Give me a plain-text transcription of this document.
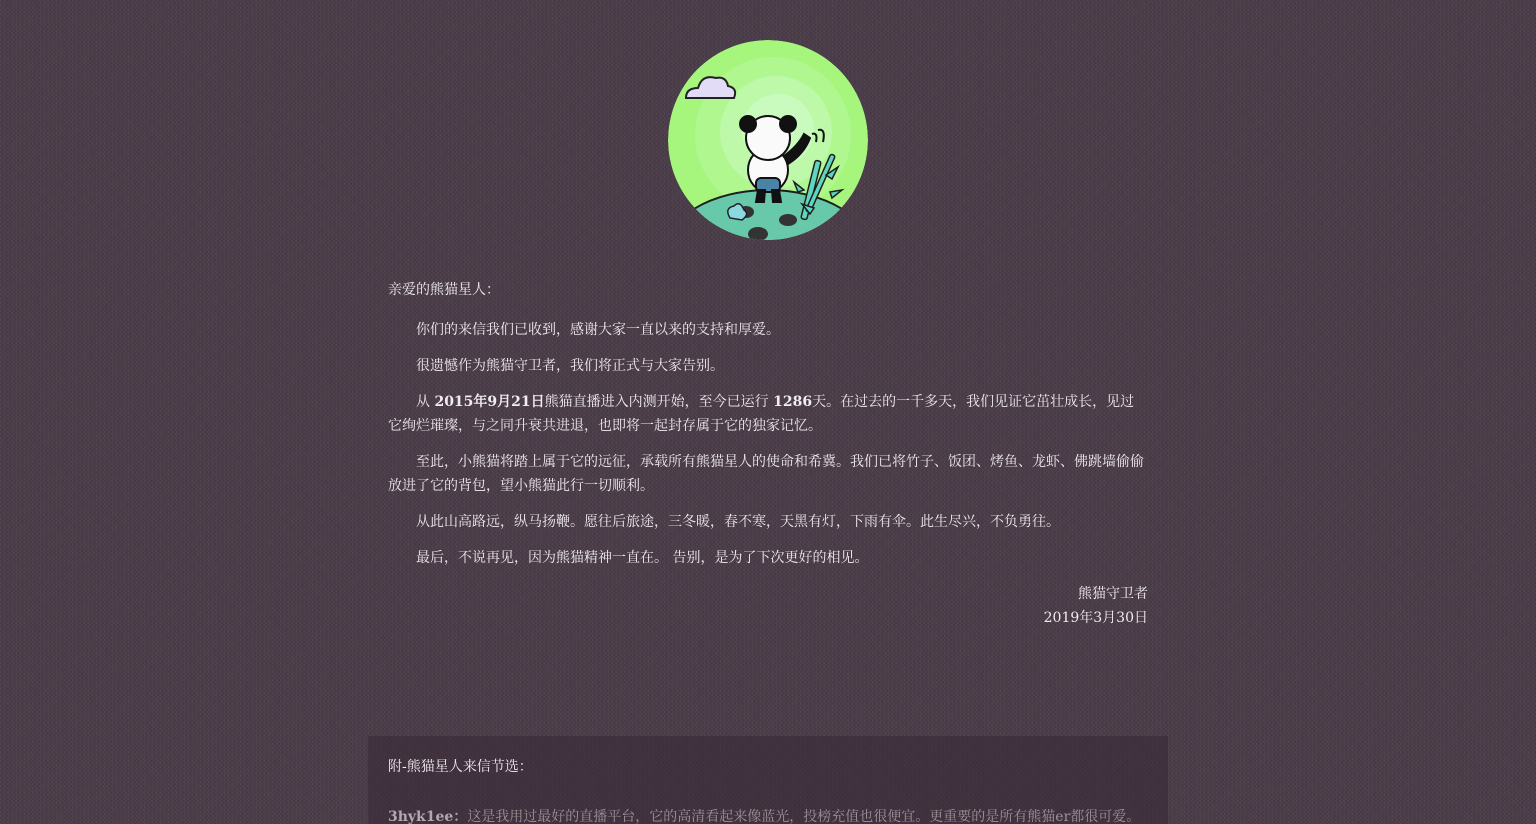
亲爱的熊猫星人：

你们的来信我们已收到，感谢大家一直以来的支持和厚爱。

很遗憾作为熊猫守卫者，我们将正式与大家告别。

从 2015年9月21日熊猫直播进入内测开始，至今已运行 1286天。在过去的一千多天，我们见证它茁壮成长，见过它绚烂璀璨，与之同升衰共进退，也即将一起封存属于它的独家记忆。

至此，小熊猫将踏上属于它的远征，承载所有熊猫星人的使命和希冀。我们已将竹子、饭团、烤鱼、龙虾、佛跳墙偷偷放进了它的背包，望小熊猫此行一切顺利。

从此山高路远，纵马扬鞭。愿往后旅途，三冬暖，春不寒，天黑有灯，下雨有伞。此生尽兴，不负勇往。

最后，不说再见，因为熊猫精神一直在。 告别，是为了下次更好的相见。

熊猫守卫者

2019年3月30日

附-熊猫星人来信节选：
3hyk1ee：这是我用过最好的直播平台，它的高清看起来像蓝光，投榜充值也很便宜。更重要的是所有熊猫er都很可爱。
